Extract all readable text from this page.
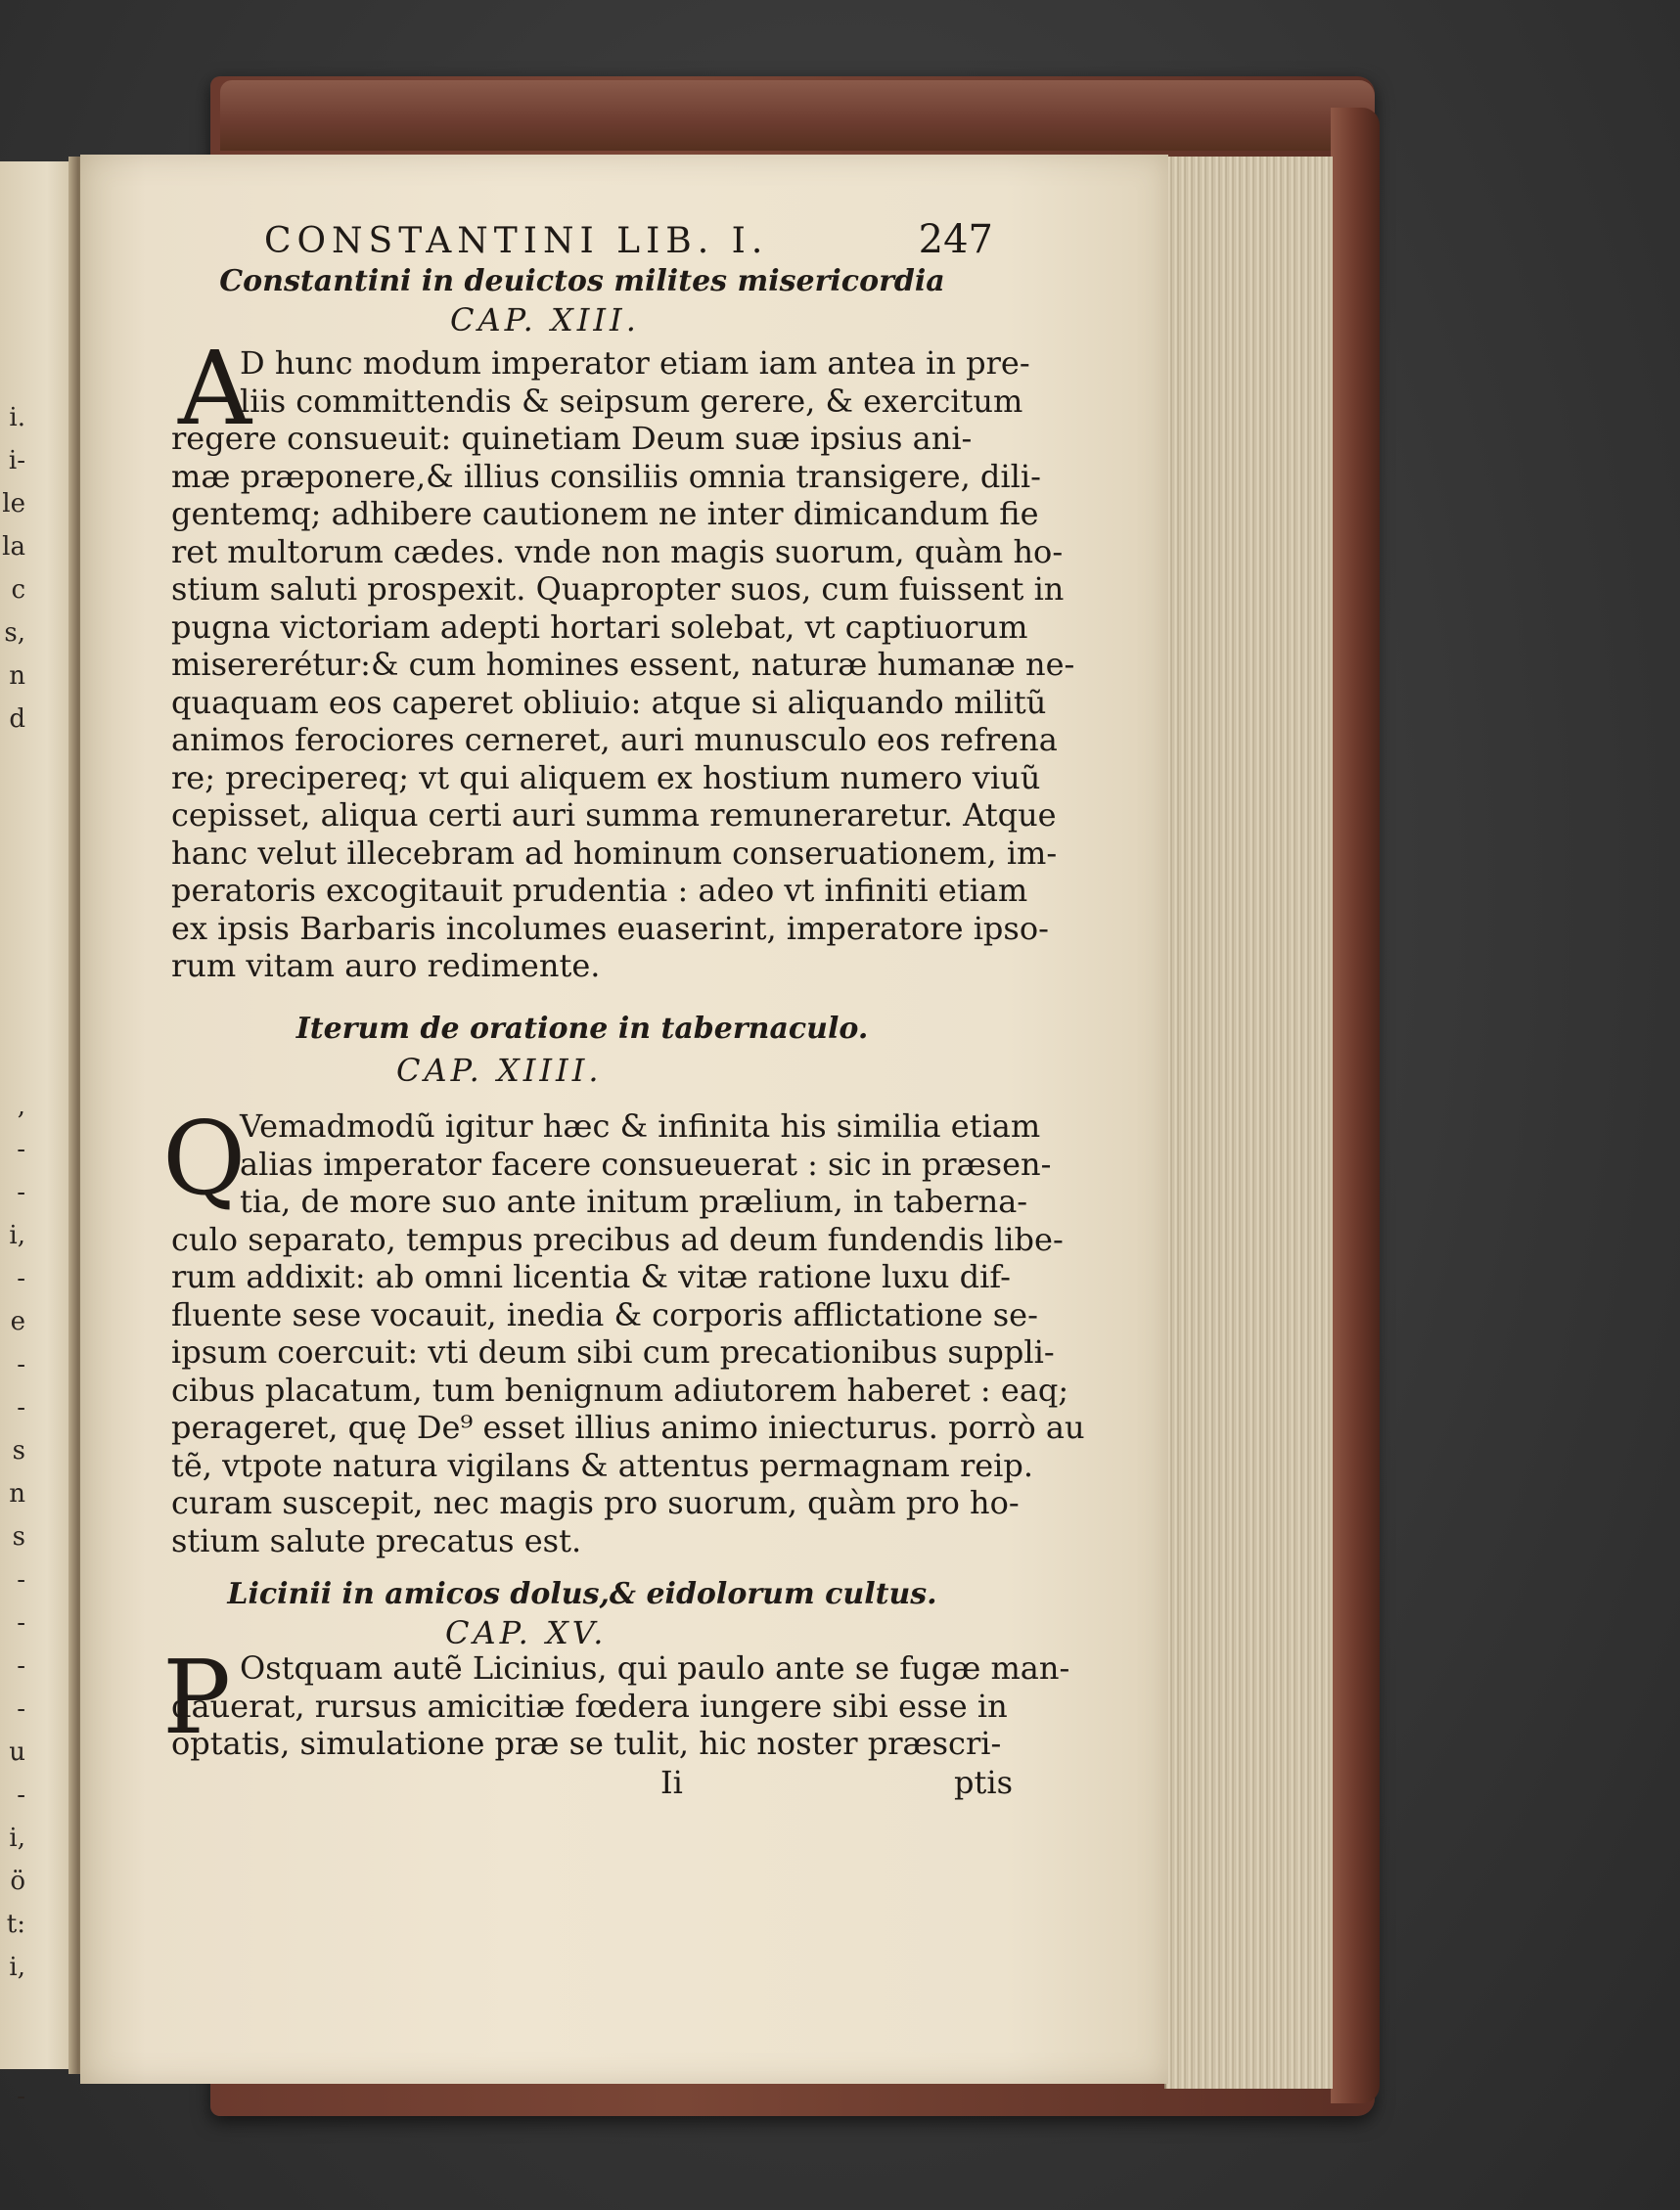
i.
i-
le
la
c
s,
n
d
,
-
-
i,
-
e
-
-
s
n
s
-
-
-
-
u
-
i,
ö
t:
i,
-
CONSTANTINI LIB. I.	247
Constantini in deuictos milites misericordia
CAP. XIII.
A
D hunc modum imperator etiam iam antea in pre-
liis committendis & seipsum gerere, & exercitum
regere consueuit: quinetiam Deum suæ ipsius ani-
mæ præponere,& illius consiliis omnia transigere, dili-
gentemq; adhibere cautionem ne inter dimicandum fie
ret multorum cædes. vnde non magis suorum, quàm ho-
stium saluti prospexit. Quapropter suos, cum fuissent in
pugna victoriam adepti hortari solebat, vt captiuorum
misererétur:& cum homines essent, naturæ humanæ ne-
quaquam eos caperet obliuio: atque si aliquando militũ
animos ferociores cerneret, auri munusculo eos refrena
re; precipereq; vt qui aliquem ex hostium numero viuũ
cepisset, aliqua certi auri summa remuneraretur. Atque
hanc velut illecebram ad hominum conseruationem, im-
peratoris excogitauit prudentia : adeo vt infiniti etiam
ex ipsis Barbaris incolumes euaserint, imperatore ipso-
rum vitam auro redimente.
Iterum de oratione in tabernaculo.
CAP. XIIII.
Q
Vemadmodũ igitur hæc & infinita his similia etiam
alias imperator facere consueuerat : sic in præsen-
tia, de more suo ante initum prælium, in taberna-
culo separato, tempus precibus ad deum fundendis libe-
rum addixit: ab omni licentia & vitæ ratione luxu dif-
fluente sese vocauit, inedia & corporis afflictatione se-
ipsum coercuit: vti deum sibi cum precationibus suppli-
cibus placatum, tum benignum adiutorem haberet : eaq;
perageret, quę De⁹ esset illius animo iniecturus. porrò au
tẽ, vtpote natura vigilans & attentus permagnam reip.
curam suscepit, nec magis pro suorum, quàm pro ho-
stium salute precatus est.
Licinii in amicos dolus,& eidolorum cultus.
CAP. XV.
P Ostquam autẽ Licinius, qui paulo ante se fugæ man-
dauerat, rursus amicitiæ fœdera iungere sibi esse in
optatis, simulatione præ se tulit, hic noster præscri-
Ii	ptis
